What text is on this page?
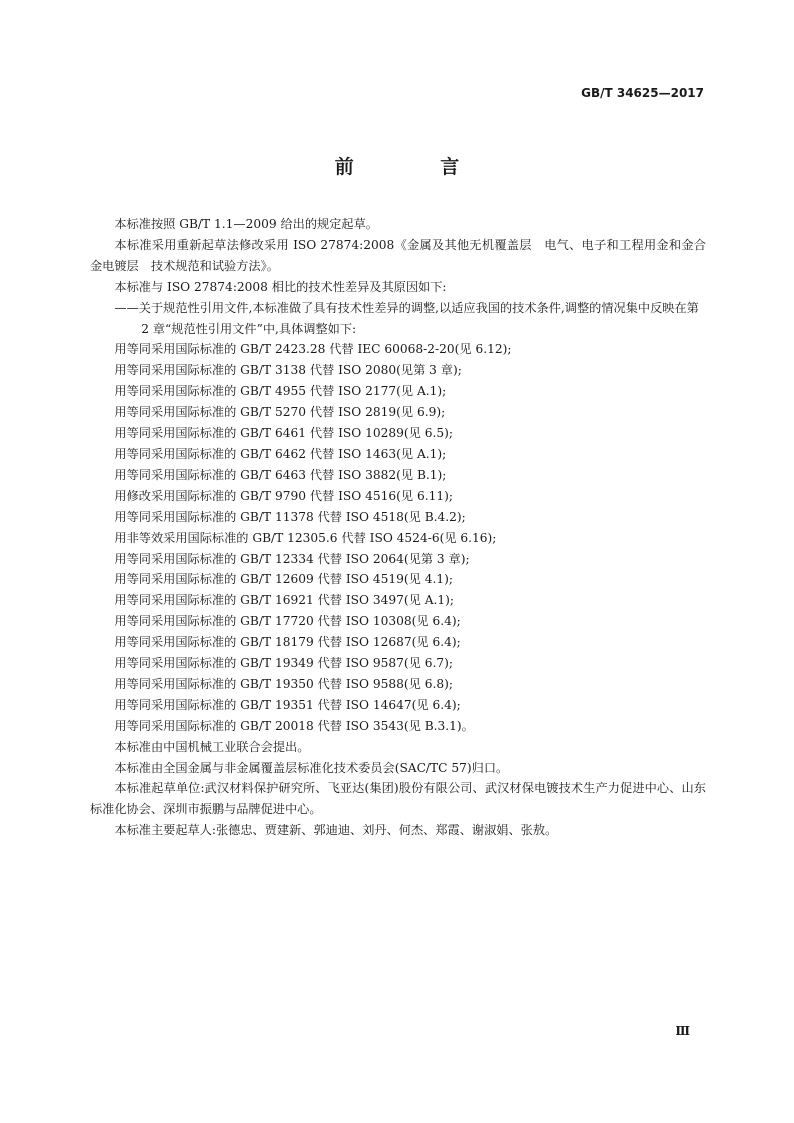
GB/T 34625—2017
前 言

本标准按照 GB/T 1.1—2009 给出的规定起草。

本标准采用重新起草法修改采用 ISO 27874:2008《金属及其他无机覆盖层　电气、电子和工程用金和金合金电镀层　技术规范和试验方法》。

本标准与 ISO 27874:2008 相比的技术性差异及其原因如下:

——关于规范性引用文件,本标准做了具有技术性差异的调整,以适应我国的技术条件,调整的情况集中反映在第 2 章“规范性引用文件”中,具体调整如下:

用等同采用国际标准的 GB/T 2423.28 代替 IEC 60068-2-20(见 6.12);

用等同采用国际标准的 GB/T 3138 代替 ISO 2080(见第 3 章);

用等同采用国际标准的 GB/T 4955 代替 ISO 2177(见 A.1);

用等同采用国际标准的 GB/T 5270 代替 ISO 2819(见 6.9);

用等同采用国际标准的 GB/T 6461 代替 ISO 10289(见 6.5);

用等同采用国际标准的 GB/T 6462 代替 ISO 1463(见 A.1);

用等同采用国际标准的 GB/T 6463 代替 ISO 3882(见 B.1);

用修改采用国际标准的 GB/T 9790 代替 ISO 4516(见 6.11);

用等同采用国际标准的 GB/T 11378 代替 ISO 4518(见 B.4.2);

用非等效采用国际标准的 GB/T 12305.6 代替 ISO 4524-6(见 6.16);

用等同采用国际标准的 GB/T 12334 代替 ISO 2064(见第 3 章);

用等同采用国际标准的 GB/T 12609 代替 ISO 4519(见 4.1);

用等同采用国际标准的 GB/T 16921 代替 ISO 3497(见 A.1);

用等同采用国际标准的 GB/T 17720 代替 ISO 10308(见 6.4);

用等同采用国际标准的 GB/T 18179 代替 ISO 12687(见 6.4);

用等同采用国际标准的 GB/T 19349 代替 ISO 9587(见 6.7);

用等同采用国际标准的 GB/T 19350 代替 ISO 9588(见 6.8);

用等同采用国际标准的 GB/T 19351 代替 ISO 14647(见 6.4);

用等同采用国际标准的 GB/T 20018 代替 ISO 3543(见 B.3.1)。

本标准由中国机械工业联合会提出。

本标准由全国金属与非金属覆盖层标准化技术委员会(SAC/TC 57)归口。

本标准起草单位:武汉材料保护研究所、飞亚达(集团)股份有限公司、武汉材保电镀技术生产力促进中心、山东标准化协会、深圳市振鹏与品牌促进中心。

本标准主要起草人:张德忠、贾建新、郭迪迪、刘丹、何杰、郑霞、谢淑娟、张敖。

Ⅲ
